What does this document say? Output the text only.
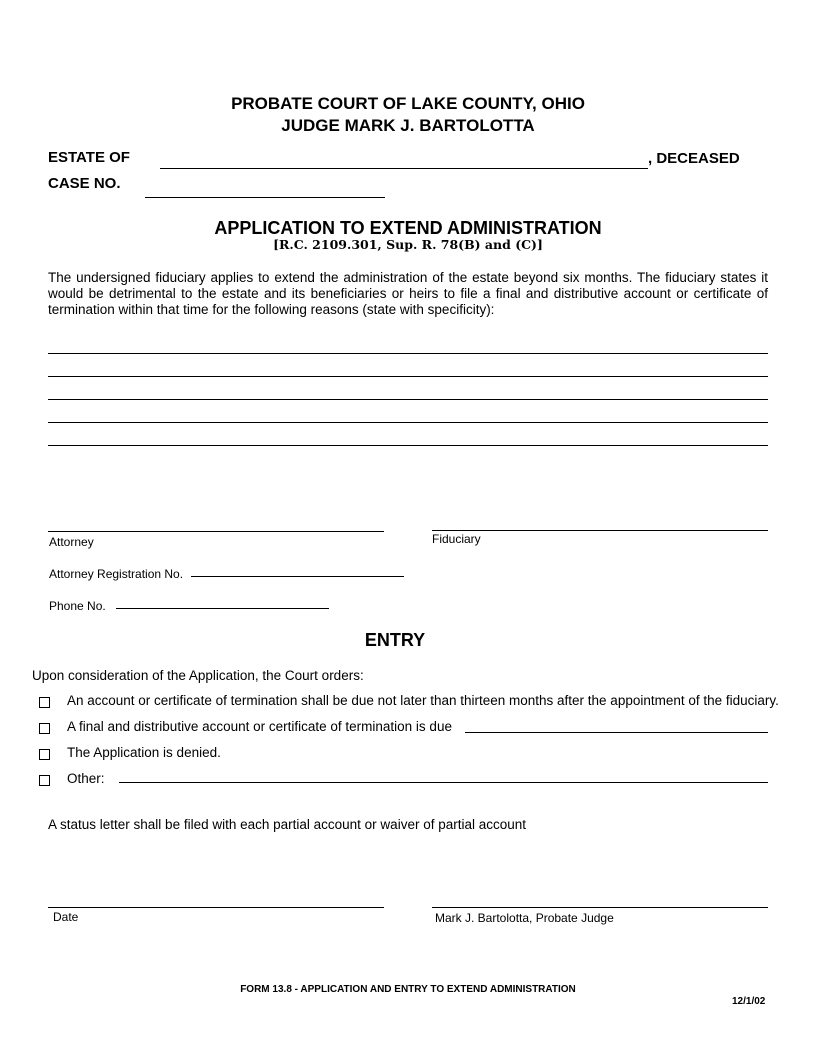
PROBATE COURT OF LAKE COUNTY, OHIO
JUDGE MARK J. BARTOLOTTA
ESTATE OF	, DECEASED
CASE NO.
APPLICATION TO EXTEND ADMINISTRATION
[R.C. 2109.301, Sup. R. 78(B) and (C)]
The undersigned fiduciary applies to extend the administration of the estate beyond six months. The fiduciary states it would be detrimental to the estate and its beneficiaries or heirs to file a final and distributive account or certificate of termination within that time for the following reasons (state with specificity):
Attorney	Fiduciary
Attorney Registration No.
Phone No.
ENTRY
Upon consideration of the Application, the Court orders:
An account or certificate of termination shall be due not later than thirteen months after the appointment of the fiduciary.
A final and distributive account or certificate of termination is due
The Application is denied.
Other:
A status letter shall be filed with each partial account or waiver of partial account
Date	Mark J. Bartolotta, Probate Judge
FORM 13.8 - APPLICATION AND ENTRY TO EXTEND ADMINISTRATION
12/1/02
